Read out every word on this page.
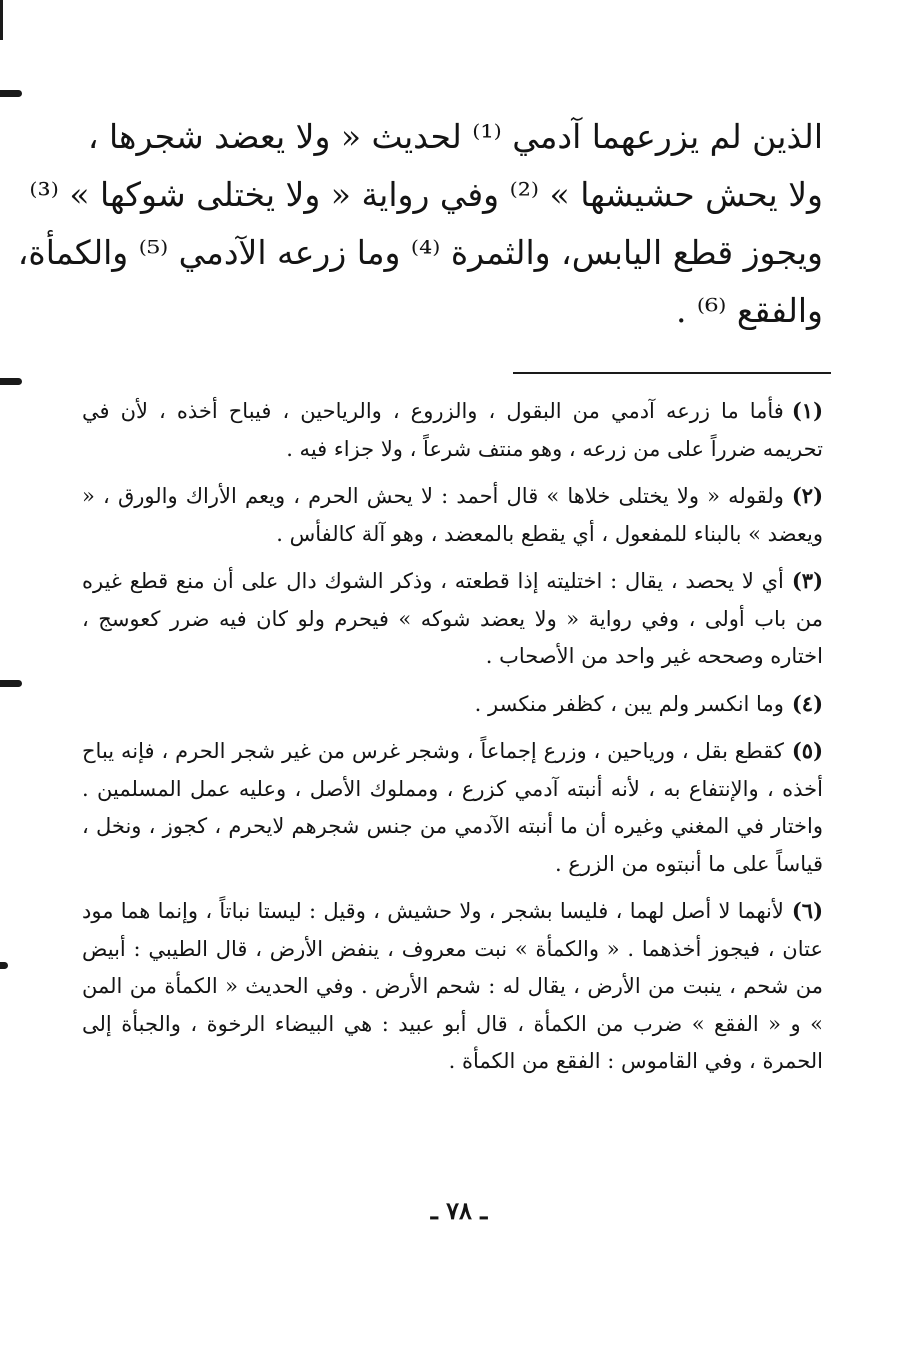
الذين لم يزرعهما آدمي ⁽¹⁾ لحديث « ولا يعضد شجرها ،
ولا يحش حشيشها » ⁽²⁾ وفي رواية « ولا يختلى شوكها » ⁽³⁾
ويجوز قطع اليابس، والثمرة ⁽⁴⁾ وما زرعه الآدمي ⁽⁵⁾ والكمأة،
والفقع ⁽⁶⁾ .
(١)فأما ما زرعه آدمي من البقول ، والزروع ، والرياحين ، فيباح أخذه ، لأن في تحريمه ضرراً على من زرعه ، وهو منتف شرعاً ، ولا جزاء فيه .
(٢)ولقوله « ولا يختلى خلاها » قال أحمد : لا يحش الحرم ، ويعم الأراك والورق ، « ويعضد » بالبناء للمفعول ، أي يقطع بالمعضد ، وهو آلة كالفأس .
(٣)أي لا يحصد ، يقال : اختليته إذا قطعته ، وذكر الشوك دال على أن منع قطع غيره من باب أولى ، وفي رواية « ولا يعضد شوكه » فيحرم ولو كان فيه ضرر كعوسج ، اختاره وصححه غير واحد من الأصحاب .
(٤)وما انكسر ولم يبن ، كظفر منكسر .
(٥)كقطع بقل ، ورياحين ، وزرع إجماعاً ، وشجر غرس من غير شجر الحرم ، فإنه يباح أخذه ، والإنتفاع به ، لأنه أنبته آدمي كزرع ، ومملوك الأصل ، وعليه عمل المسلمين . واختار في المغني وغيره أن ما أنبته الآدمي من جنس شجرهم لايحرم ، كجوز ، ونخل ، قياساً على ما أنبتوه من الزرع .
(٦)لأنهما لا أصل لهما ، فليسا بشجر ، ولا حشيش ، وقيل : ليستا نباتاً ، وإنما هما مود عتان ، فيجوز أخذهما . « والكمأة » نبت معروف ، ينفض الأرض ، قال الطيبي : أبيض من شحم ، ينبت من الأرض ، يقال له : شحم الأرض . وفي الحديث « الكمأة من المن » و « الفقع » ضرب من الكمأة ، قال أبو عبيد : هي البيضاء الرخوة ، والجبأة إلى الحمرة ، وفي القاموس : الفقع من الكمأة .
ـ ٧٨ ـ
